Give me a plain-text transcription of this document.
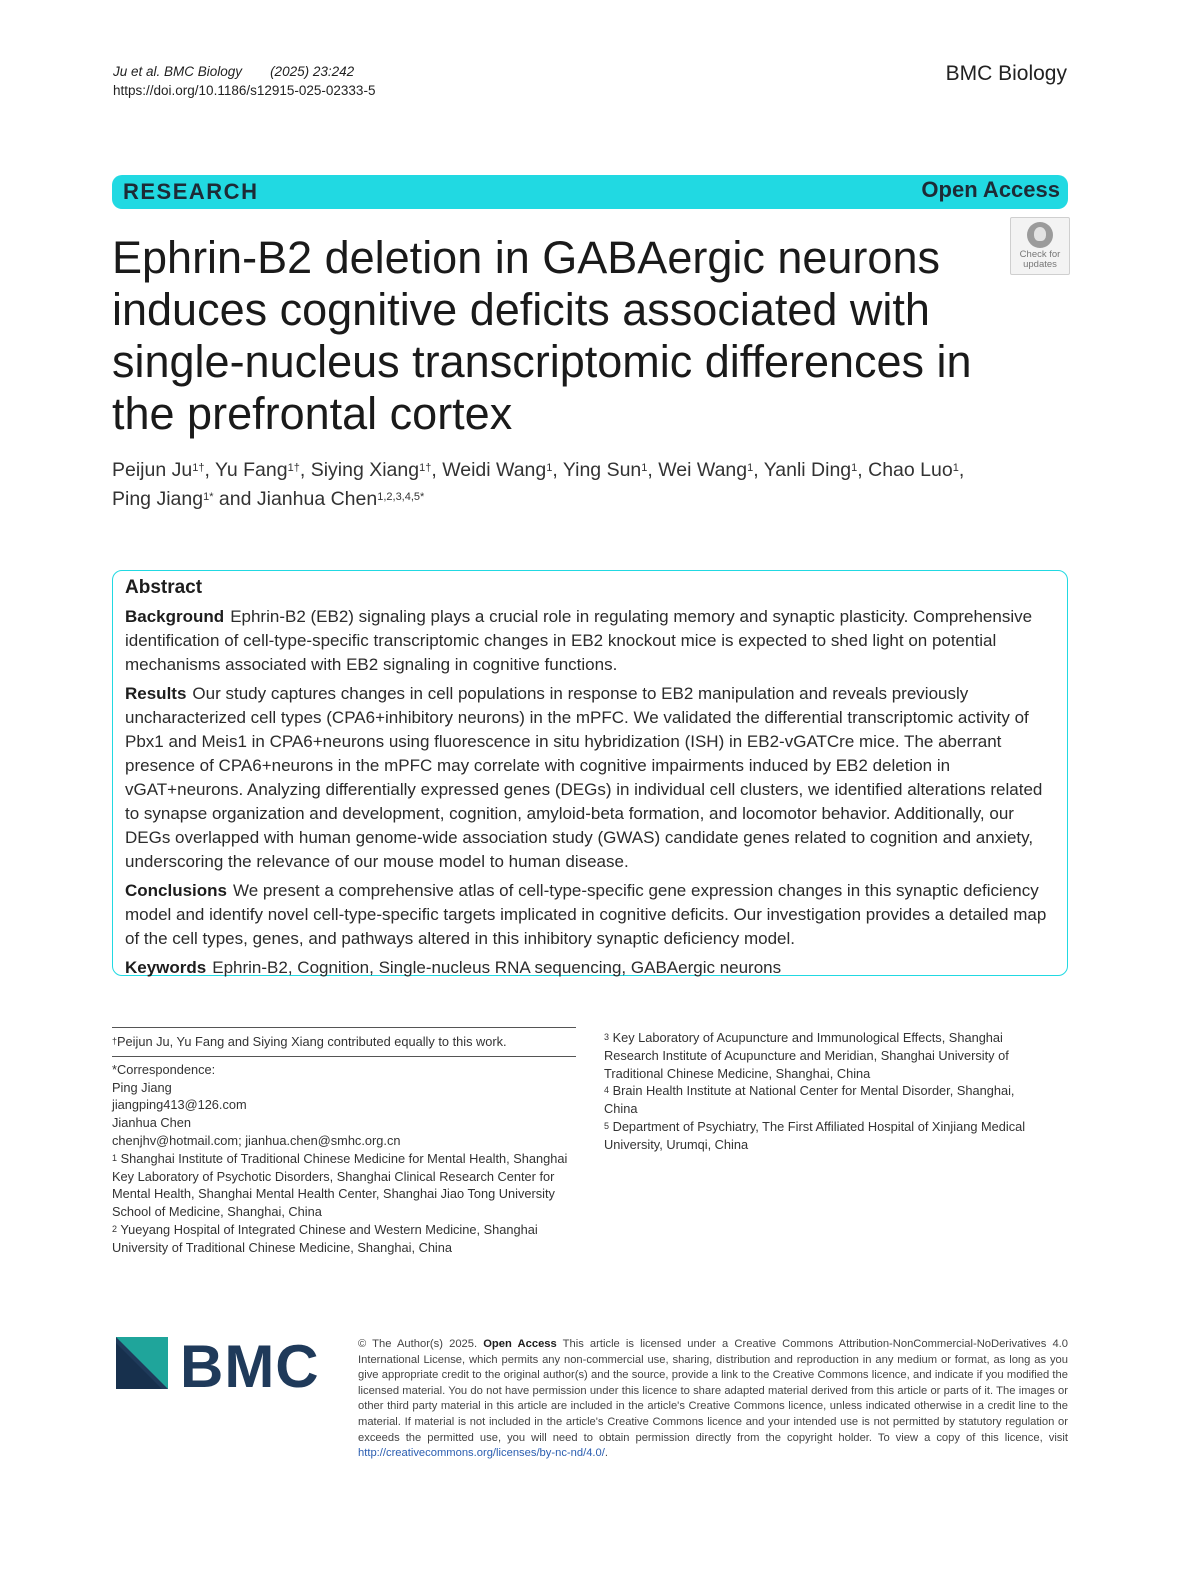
Ju et al. BMC Biology (2025) 23:242
https://doi.org/10.1186/s12915-025-02333-5
BMC Biology
RESEARCH	Open Access
Check for
updates
Ephrin-B2 deletion in GABAergic neurons induces cognitive deficits associated with single-nucleus transcriptomic differences in the prefrontal cortex
Peijun $Ju^{1\dagger}$, Yu Fang$^{1\dagger}$, Siying Xiang$^{1\dagger}$, Weidi Wang$^1$, Ying Sun$^1$, Wei Wang$^1$, Yanli Ding$^1$, Chao Luo$^1$,
Ping Jiang$^{1*}$ and Jianhua Chen$^{1,2,3,4,5*}$
Abstract

Background Ephrin-B2 (EB2) signaling plays a crucial role in regulating memory and synaptic plasticity. Comprehensive identification of cell-type-specific transcriptomic changes in EB2 knockout mice is expected to shed light on potential mechanisms associated with EB2 signaling in cognitive functions.

Results Our study captures changes in cell populations in response to EB2 manipulation and reveals previously uncharacterized cell types (CPA6+inhibitory neurons) in the mPFC. We validated the differential transcriptomic activity of Pbx1 and Meis1 in CPA6+neurons using fluorescence in situ hybridization (ISH) in EB2-vGATCre mice. The aberrant presence of CPA6+neurons in the mPFC may correlate with cognitive impairments induced by EB2 deletion in vGAT+neurons. Analyzing differentially expressed genes (DEGs) in individual cell clusters, we identified alterations related to synapse organization and development, cognition, amyloid-beta formation, and locomotor behavior. Additionally, our DEGs overlapped with human genome-wide association study (GWAS) candidate genes related to cognition and anxiety, underscoring the relevance of our mouse model to human disease.

Conclusions We present a comprehensive atlas of cell-type-specific gene expression changes in this synaptic deficiency model and identify novel cell-type-specific targets implicated in cognitive deficits. Our investigation provides a detailed map of the cell types, genes, and pathways altered in this inhibitory synaptic deficiency model.

Keywords Ephrin-B2, Cognition, Single-nucleus RNA sequencing, GABAergic neurons

†Peijun Ju, Yu Fang and Siying Xiang contributed equally to this work.

*Correspondence:

Ping Jiang

jiangping413@126.com

Jianhua Chen

chenjhv@hotmail.com; jianhua.chen@smhc.org.cn

$^1$ Shanghai Institute of Traditional Chinese Medicine for Mental Health, Shanghai Key Laboratory of Psychotic Disorders, Shanghai Clinical Research Center for Mental Health, Shanghai Mental Health Center, Shanghai Jiao Tong University School of Medicine, Shanghai, China

$^2$ Yueyang Hospital of Integrated Chinese and Western Medicine, Shanghai University of Traditional Chinese Medicine, Shanghai, China

$^3$ Key Laboratory of Acupuncture and Immunological Effects, Shanghai Research Institute of Acupuncture and Meridian, Shanghai University of Traditional Chinese Medicine, Shanghai, China

$^4$ Brain Health Institute at National Center for Mental Disorder, Shanghai, China

$^5$ Department of Psychiatry, The First Affiliated Hospital of Xinjiang Medical University, Urumqi, China

BMC	© The Author(s) 2025. Open Access This article is licensed under a Creative Commons Attribution-NonCommercial-NoDerivatives 4.0 International License, which permits any non-commercial use, sharing, distribution and reproduction in any medium or format, as long as you give appropriate credit to the original author(s) and the source, provide a link to the Creative Commons licence, and indicate if you modified the licensed material. You do not have permission under this licence to share adapted material derived from this article or parts of it. The images or other third party material in this article are included in the article's Creative Commons licence, unless indicated otherwise in a credit line to the material. If material is not included in the article's Creative Commons licence and your intended use is not permitted by statutory regulation or exceeds the permitted use, you will need to obtain permission directly from the copyright holder. To view a copy of this licence, visit http://creativecommons.org/licenses/by-nc-nd/4.0/.
